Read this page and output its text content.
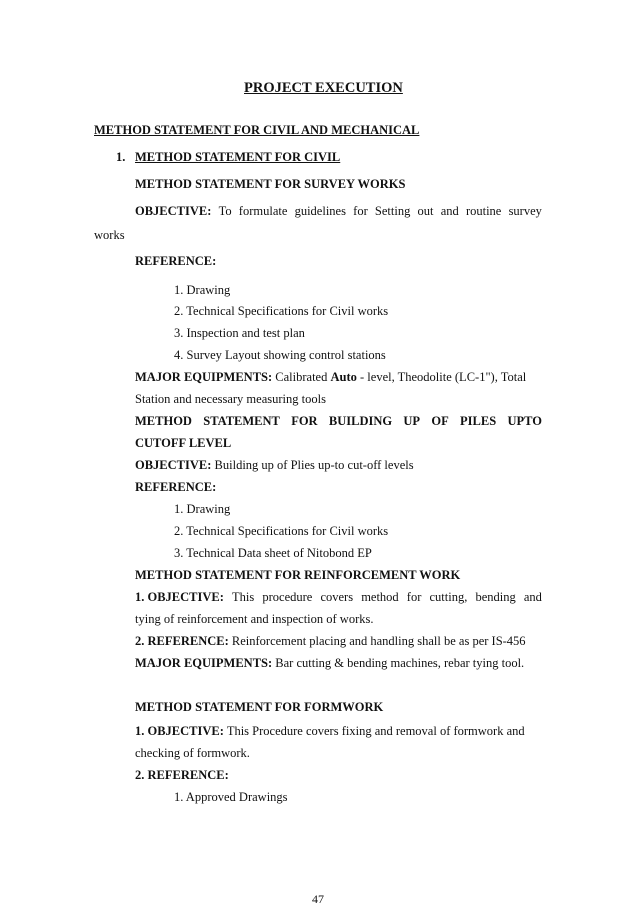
PROJECT EXECUTION
METHOD STATEMENT FOR CIVIL AND MECHANICAL
1. METHOD STATEMENT FOR CIVIL
METHOD STATEMENT FOR SURVEY WORKS
OBJECTIVE: To formulate guidelines for Setting out and routine survey
works
REFERENCE:
1. Drawing
2. Technical Specifications for Civil works
3. Inspection and test plan
4. Survey Layout showing control stations
MAJOR EQUIPMENTS: Calibrated Auto - level, Theodolite (LC-1"), Total
Station and necessary measuring tools
METHOD STATEMENT FOR BUILDING UP OF PILES UPTO
CUTOFF LEVEL
OBJECTIVE: Building up of Plies up-to cut-off levels
REFERENCE:
1. Drawing
2. Technical Specifications for Civil works
3. Technical Data sheet of Nitobond EP
METHOD STATEMENT FOR REINFORCEMENT WORK
1. OBJECTIVE: This procedure covers method for cutting, bending and
tying of reinforcement and inspection of works.
2. REFERENCE: Reinforcement placing and handling shall be as per IS-456
MAJOR EQUIPMENTS: Bar cutting & bending machines, rebar tying tool.
METHOD STATEMENT FOR FORMWORK
1. OBJECTIVE: This Procedure covers fixing and removal of formwork and
checking of formwork.
2. REFERENCE:
1. Approved Drawings
47
